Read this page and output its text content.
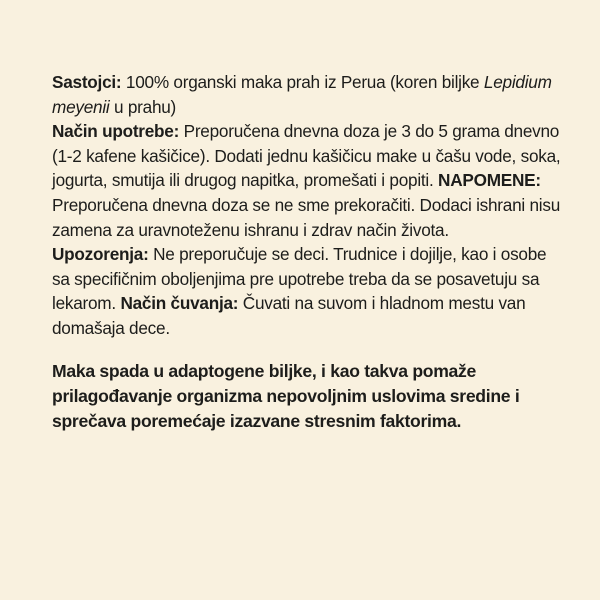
Sastojci: 100% organski maka prah iz Perua (koren biljke Lepidium meyenii u prahu)

Način upotrebe: Preporučena dnevna doza je 3 do 5 grama dnevno (1-2 kafene kašičice). Dodati jednu kašičicu make u čašu vode, soka, jogurta, smutija ili drugog napitka, promešati i popiti. NAPOMENE: Preporučena dnevna doza se ne sme prekoračiti. Dodaci ishrani nisu zamena za uravnoteženu ishranu i zdrav način života.

Upozorenja: Ne preporučuje se deci. Trudnice i dojilje, kao i osobe sa specifičnim oboljenjima pre upotrebe treba da se posavetuju sa lekarom. Način čuvanja: Čuvati na suvom i hladnom mestu van domašaja dece.

Maka spada u adaptogene biljke, i kao takva pomaže prilagođavanje organizma nepovoljnim uslovima sredine i sprečava poremećaje izazvane stresnim faktorima.
